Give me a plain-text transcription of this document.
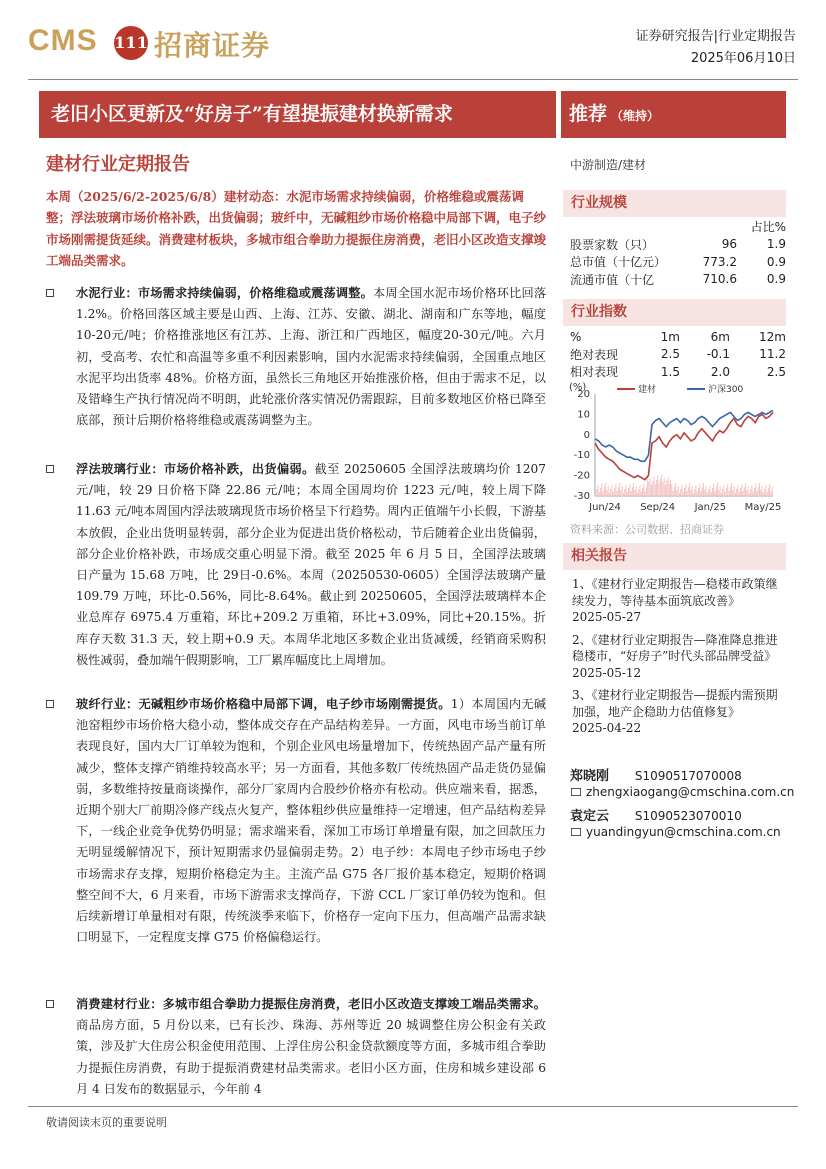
CMS 111 招商证券	证券研究报告|行业定期报告
2025年06月10日
老旧小区更新及“好房子”有望提振建材换新需求	推荐 （维持）
建材行业定期报告
本周（2025/6/2-2025/6/8）建材动态：水泥市场需求持续偏弱，价格维稳或震荡调整；浮法玻璃市场价格补跌，出货偏弱；玻纤中，无碱粗纱市场价格稳中局部下调，电子纱市场刚需提货延续。消费建材板块，多城市组合拳助力提振住房消费，老旧小区改造支撑竣工端品类需求。
水泥行业：市场需求持续偏弱，价格维稳或震荡调整。本周全国水泥市场价格环比回落 1.2%。价格回落区域主要是山西、上海、江苏、安徽、湖北、湖南和广东等地，幅度10-20元/吨；价格推涨地区有江苏、上海、浙江和广西地区，幅度20-30元/吨。六月初，受高考、农忙和高温等多重不利因素影响，国内水泥需求持续偏弱，全国重点地区水泥平均出货率 48%。价格方面，虽然长三角地区开始推涨价格，但由于需求不足，以及错峰生产执行情况尚不明朗，此轮涨价落实情况仍需跟踪，目前多数地区价格已降至底部，预计后期价格将维稳或震荡调整为主。
浮法玻璃行业：市场价格补跌，出货偏弱。截至 20250605 全国浮法玻璃均价 1207 元/吨，较 29 日价格下降 22.86 元/吨；本周全国周均价 1223 元/吨，较上周下降 11.63 元/吨本周国内浮法玻璃现货市场价格呈下行趋势。周内正值端午小长假，下游基本放假，企业出货明显转弱，部分企业为促进出货价格松动，节后随着企业出货偏弱，部分企业价格补跌，市场成交重心明显下滑。截至 2025 年 6 月 5 日，全国浮法玻璃日产量为 15.68 万吨，比 29日-0.6%。本周（20250530-0605）全国浮法玻璃产量 109.79 万吨，环比-0.56%，同比-8.64%。截止到 20250605，全国浮法玻璃样本企业总库存 6975.4 万重箱，环比+209.2 万重箱，环比+3.09%，同比+20.15%。折库存天数 31.3 天，较上期+0.9 天。本周华北地区多数企业出货减缓，经销商采购积极性减弱，叠加端午假期影响，工厂累库幅度比上周增加。
玻纤行业：无碱粗纱市场价格稳中局部下调，电子纱市场刚需提货。1）本周国内无碱池窑粗纱市场价格大稳小动，整体成交存在产品结构差异。一方面，风电市场当前订单表现良好，国内大厂订单较为饱和，个别企业风电场量增加下，传统热固产品产量有所减少，整体支撑产销维持较高水平；另一方面看，其他多数厂传统热固产品走货仍显偏弱，多数维持按量商谈操作，部分厂家周内合股纱价格亦有松动。供应端来看，据悉，近期个别大厂前期冷修产线点火复产，整体粗纱供应量维持一定增速，但产品结构差异下，一线企业竞争优势仍明显；需求端来看，深加工市场订单增量有限，加之回款压力无明显缓解情况下，预计短期需求仍显偏弱走势。2）电子纱：本周电子纱市场电子纱市场需求存支撑，短期价格稳定为主。主流产品 G75 各厂报价基本稳定，短期价格调整空间不大，6 月来看，市场下游需求支撑尚存，下游 CCL 厂家订单仍较为饱和。但后续新增订单量相对有限，传统淡季来临下，价格存一定向下压力，但高端产品需求缺口明显下，一定程度支撑 G75 价格偏稳运行。
消费建材行业：多城市组合拳助力提振住房消费，老旧小区改造支撑竣工端品类需求。商品房方面，5 月份以来，已有长沙、珠海、苏州等近 20 城调整住房公积金有关政策，涉及扩大住房公积金使用范围、上浮住房公积金贷款额度等方面，多城市组合拳助力提振住房消费，有助于提振消费建材品类需求。老旧小区方面，住房和城乡建设部 6 月 4 日发布的数据显示，今年前 4
中游制造/建材
行业规模
		占比%
股票家数（只）	96	1.9
总市值（十亿元）	773.2	0.9
流通市值（十亿	710.6	0.9
行业指数
%	1m	6m	12m
绝对表现	2.5	-0.1	11.2
相对表现	1.5	2.0	2.5
(%)
20
10
0
-10
-20
-30
Jun/24 Sep/24 Jan/25 May/25
建材	沪深300
资料来源：公司数据、招商证券
相关报告
1、《建材行业定期报告—稳楼市政策继续发力，等待基本面筑底改善》
2025-05-27
2、《建材行业定期报告—降准降息推进稳楼市，“好房子”时代头部品牌受益》
2025-05-12
3、《建材行业定期报告—提振内需预期加强，地产企稳助力估值修复》
2025-04-22
郑晓刚 S1090517070008
zhengxiaogang@cmschina.com.cn
袁定云 S1090523070010
yuandingyun@cmschina.com.cn
敬请阅读末页的重要说明
